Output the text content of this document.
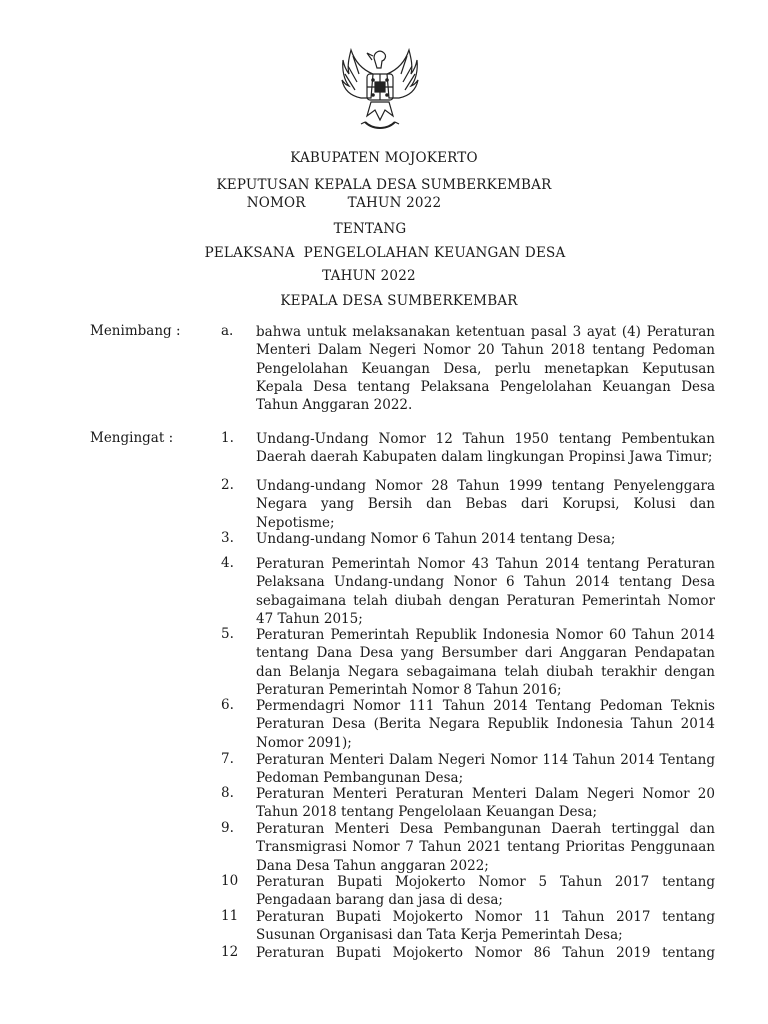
KABUPATEN MOJOKERTO
KEPUTUSAN KEPALA DESA SUMBERKEMBAR
NOMOR	TAHUN 2022
TENTANG
PELAKSANA  PENGELOLAHAN KEUANGAN DESA
TAHUN 2022
KEPALA DESA SUMBERKEMBAR
Menimbang :	a. bahwa untuk melaksanakan ketentuan pasal 3 ayat (4) Peraturan Menteri Dalam Negeri Nomor 20 Tahun 2018 tentang Pedoman Pengelolahan Keuangan Desa, perlu menetapkan Keputusan Kepala Desa tentang Pelaksana Pengelolahan Keuangan Desa Tahun Anggaran 2022.
Mengingat :	1. Undang-Undang Nomor 12 Tahun 1950 tentang Pembentukan Daerah daerah Kabupaten dalam lingkungan Propinsi Jawa Timur;
2. Undang-undang Nomor 28 Tahun 1999 tentang Penyelenggara Negara yang Bersih dan Bebas dari Korupsi, Kolusi dan Nepotisme;
3. Undang-undang Nomor 6 Tahun 2014 tentang Desa;
4. Peraturan Pemerintah Nomor 43 Tahun 2014 tentang Peraturan Pelaksana Undang-undang Nonor 6 Tahun 2014 tentang Desa sebagaimana telah diubah dengan Peraturan Pemerintah Nomor 47 Tahun 2015;
5. Peraturan Pemerintah Republik Indonesia Nomor 60 Tahun 2014 tentang Dana Desa yang Bersumber dari Anggaran Pendapatan dan Belanja Negara sebagaimana telah diubah terakhir dengan Peraturan Pemerintah Nomor 8 Tahun 2016;
6. Permendagri Nomor 111 Tahun 2014 Tentang Pedoman Teknis Peraturan Desa (Berita Negara Republik Indonesia Tahun 2014 Nomor 2091);
7. Peraturan Menteri Dalam Negeri Nomor 114 Tahun 2014 Tentang Pedoman Pembangunan Desa;
8. Peraturan Menteri Peraturan Menteri Dalam Negeri Nomor 20 Tahun 2018 tentang Pengelolaan Keuangan Desa;
9. Peraturan Menteri Desa Pembangunan Daerah tertinggal dan Transmigrasi Nomor 7 Tahun 2021 tentang Prioritas Penggunaan Dana Desa Tahun anggaran 2022;
10 Peraturan Bupati Mojokerto Nomor 5 Tahun 2017 tentang Pengadaan barang dan jasa di desa;
11 Peraturan Bupati Mojokerto Nomor 11 Tahun 2017 tentang Susunan Organisasi dan Tata Kerja Pemerintah Desa;
12 Peraturan Bupati Mojokerto Nomor 86 Tahun 2019 tentang
